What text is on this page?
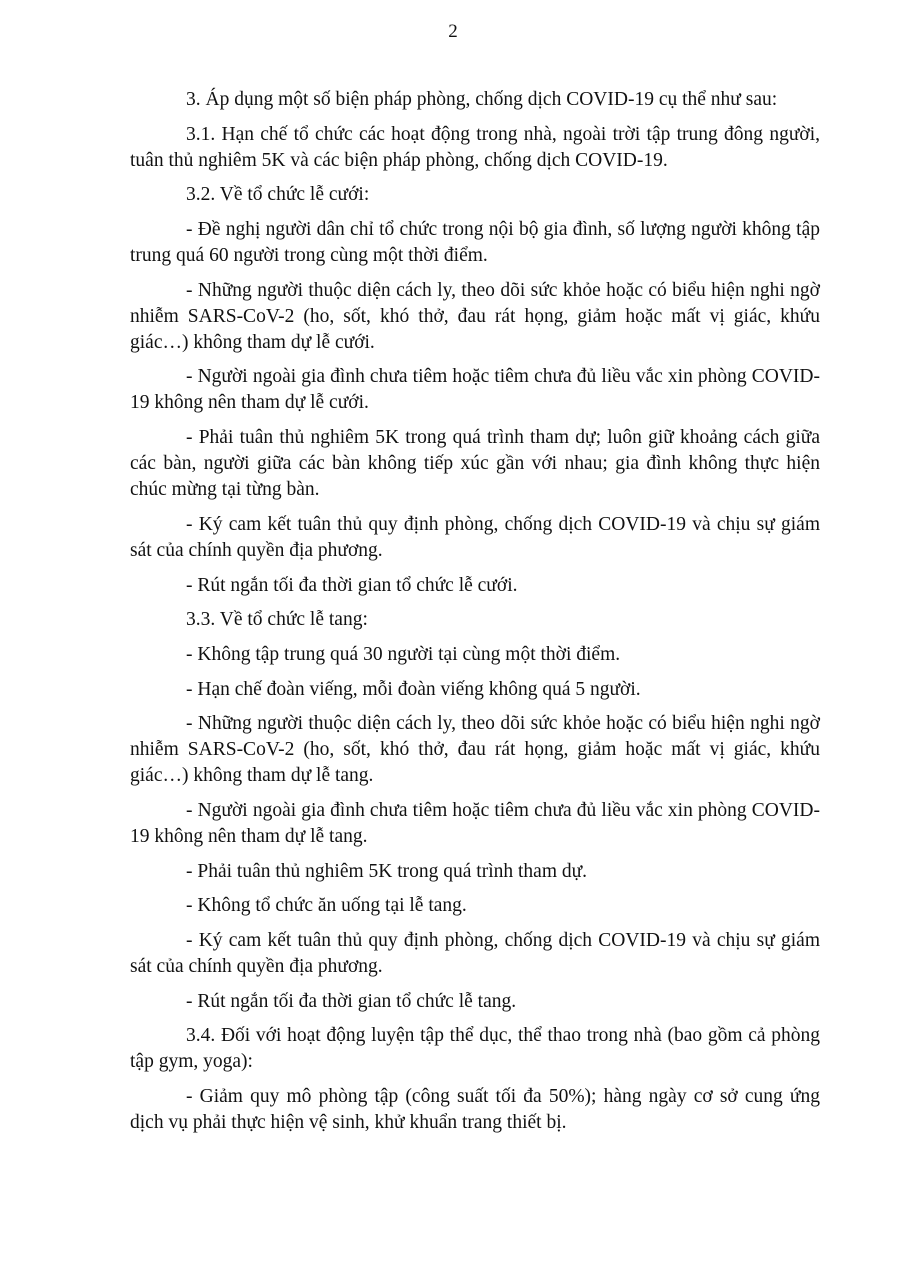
2

3. Áp dụng một số biện pháp phòng, chống dịch COVID-19 cụ thể như sau:

3.1. Hạn chế tổ chức các hoạt động trong nhà, ngoài trời tập trung đông người, tuân thủ nghiêm 5K và các biện pháp phòng, chống dịch COVID-19.

3.2. Về tổ chức lễ cưới:

- Đề nghị người dân chỉ tổ chức trong nội bộ gia đình, số lượng người không tập trung quá 60 người trong cùng một thời điểm.

- Những người thuộc diện cách ly, theo dõi sức khỏe hoặc có biểu hiện nghi ngờ nhiễm SARS-CoV-2 (ho, sốt, khó thở, đau rát họng, giảm hoặc mất vị giác, khứu giác…) không tham dự lễ cưới.

- Người ngoài gia đình chưa tiêm hoặc tiêm chưa đủ liều vắc xin phòng COVID-19 không nên tham dự lễ cưới.

- Phải tuân thủ nghiêm 5K trong quá trình tham dự; luôn giữ khoảng cách giữa các bàn, người giữa các bàn không tiếp xúc gần với nhau; gia đình không thực hiện chúc mừng tại từng bàn.

- Ký cam kết tuân thủ quy định phòng, chống dịch COVID-19 và chịu sự giám sát của chính quyền địa phương.

- Rút ngắn tối đa thời gian tổ chức lễ cưới.

3.3. Về tổ chức lễ tang:

- Không tập trung quá 30 người tại cùng một thời điểm.

- Hạn chế đoàn viếng, mỗi đoàn viếng không quá 5 người.

- Những người thuộc diện cách ly, theo dõi sức khỏe hoặc có biểu hiện nghi ngờ nhiễm SARS-CoV-2 (ho, sốt, khó thở, đau rát họng, giảm hoặc mất vị giác, khứu giác…) không tham dự lễ tang.

- Người ngoài gia đình chưa tiêm hoặc tiêm chưa đủ liều vắc xin phòng COVID-19 không nên tham dự lễ tang.

- Phải tuân thủ nghiêm 5K trong quá trình tham dự.

- Không tổ chức ăn uống tại lễ tang.

- Ký cam kết tuân thủ quy định phòng, chống dịch COVID-19 và chịu sự giám sát của chính quyền địa phương.

- Rút ngắn tối đa thời gian tổ chức lễ tang.

3.4. Đối với hoạt động luyện tập thể dục, thể thao trong nhà (bao gồm cả phòng tập gym, yoga):

- Giảm quy mô phòng tập (công suất tối đa 50%); hàng ngày cơ sở cung ứng dịch vụ phải thực hiện vệ sinh, khử khuẩn trang thiết bị.
